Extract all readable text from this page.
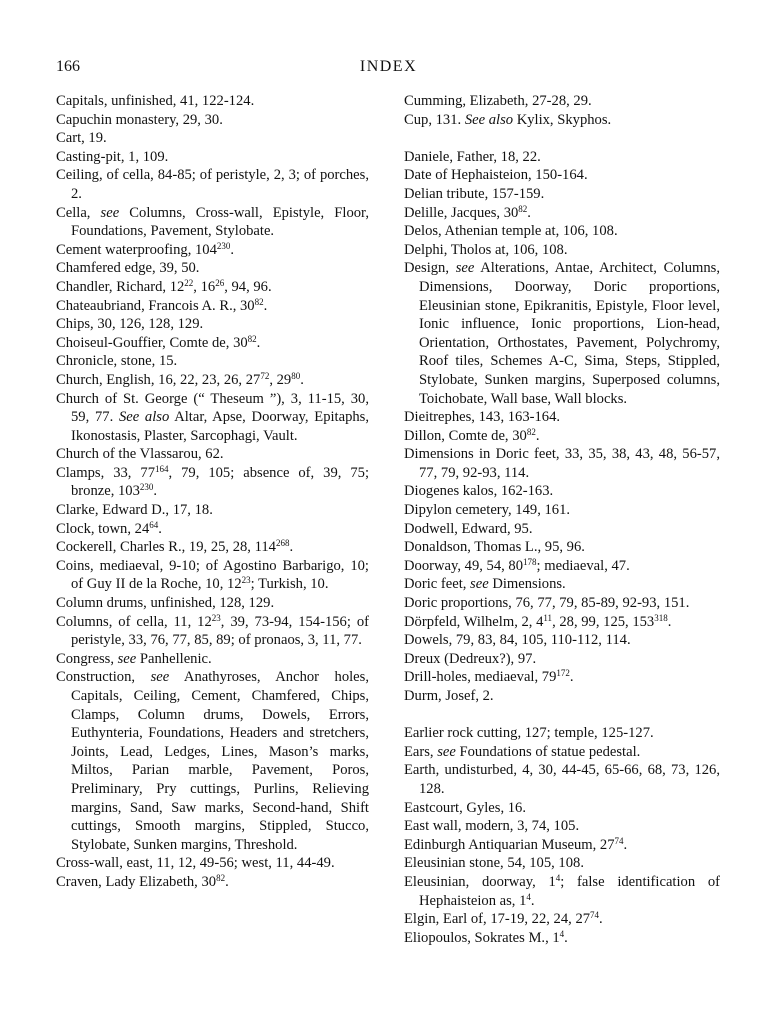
166	INDEX

Capitals, unfinished, 41, 122-124.

Capuchin monastery, 29, 30.

Cart, 19.

Casting-pit, 1, 109.

Ceiling, of cella, 84-85; of peristyle, 2, 3; of porches, 2.

Cella, see Columns, Cross-wall, Epistyle, Floor, Foundations, Pavement, Stylobate.

Cement waterproofing, $104^{230}$.

Chamfered edge, 39, 50.

Chandler, Richard, $12^{22}$, $16^{26}$, 94, 96.

Chateaubriand, Francois A. R., $30^{82}$.

Chips, 30, 126, 128, 129.

Choiseul-Gouffier, Comte de, $30^{82}$.

Chronicle, stone, 15.

Church, English, 16, 22, 23, 26, $27^{72}$, $29^{80}$.

Church of St. George (“ Theseum ”), 3, 11-15, 30, 59, 77. See also Altar, Apse, Doorway, Epitaphs, Ikonostasis, Plaster, Sarcophagi, Vault.

Church of the Vlassarou, 62.

Clamps, 33, $77^{164}$, 79, 105; absence of, 39, 75; bronze, $103^{230}$.

Clarke, Edward D., 17, 18.

Clock, town, $24^{64}$.

Cockerell, Charles R., 19, 25, 28, $114^{268}$.

Coins, mediaeval, 9-10; of Agostino Barbarigo, 10; of Guy II de la Roche, 10, $12^{23}$; Turkish, 10.

Column drums, unfinished, 128, 129.

Columns, of cella, 11, $12^{23}$, 39, 73-94, 154-156; of peristyle, 33, 76, 77, 85, 89; of pronaos, 3, 11, 77.

Congress, see Panhellenic.

Construction, see Anathyroses, Anchor holes, Capitals, Ceiling, Cement, Chamfered, Chips, Clamps, Column drums, Dowels, Errors, Euthynteria, Foundations, Headers and stretchers, Joints, Lead, Ledges, Lines, Mason’s marks, Miltos, Parian marble, Pavement, Poros, Preliminary, Pry cuttings, Purlins, Relieving margins, Sand, Saw marks, Second-hand, Shift cuttings, Smooth margins, Stippled, Stucco, Stylobate, Sunken margins, Threshold.

Cross-wall, east, 11, 12, 49-56; west, 11, 44-49.

Craven, Lady Elizabeth, $30^{82}$.

Cumming, Elizabeth, 27-28, 29.

Cup, 131. See also Kylix, Skyphos.

Daniele, Father, 18, 22.

Date of Hephaisteion, 150-164.

Delian tribute, 157-159.

Delille, Jacques, $30^{82}$.

Delos, Athenian temple at, 106, 108.

Delphi, Tholos at, 106, 108.

Design, see Alterations, Antae, Architect, Columns, Dimensions, Doorway, Doric proportions, Eleusinian stone, Epikranitis, Epistyle, Floor level, Ionic influence, Ionic proportions, Lion-head, Orientation, Orthostates, Pavement, Polychromy, Roof tiles, Schemes A-C, Sima, Steps, Stippled, Stylobate, Sunken margins, Superposed columns, Toichobate, Wall base, Wall blocks.

Dieitrephes, 143, 163-164.

Dillon, Comte de, $30^{82}$.

Dimensions in Doric feet, 33, 35, 38, 43, 48, 56-57, 77, 79, 92-93, 114.

Diogenes kalos, 162-163.

Dipylon cemetery, 149, 161.

Dodwell, Edward, 95.

Donaldson, Thomas L., 95, 96.

Doorway, 49, 54, $80^{178}$; mediaeval, 47.

Doric feet, see Dimensions.

Doric proportions, 76, 77, 79, 85-89, 92-93, 151.

Dörpfeld, Wilhelm, 2, $4^{11}$, 28, 99, 125, $153^{318}$.

Dowels, 79, 83, 84, 105, 110-112, 114.

Dreux (Dedreux?), 97.

Drill-holes, mediaeval, $79^{172}$.

Durm, Josef, 2.

Earlier rock cutting, 127; temple, 125-127.

Ears, see Foundations of statue pedestal.

Earth, undisturbed, 4, 30, 44-45, 65-66, 68, 73, 126, 128.

Eastcourt, Gyles, 16.

East wall, modern, 3, 74, 105.

Edinburgh Antiquarian Museum, $27^{74}$.

Eleusinian stone, 54, 105, 108.

Eleusinian, doorway, $1^4$; false identification of Hephaisteion as, $1^4$.

Elgin, Earl of, 17-19, 22, 24, $27^{74}$.

Eliopoulos, Sokrates M., $1^4$.
